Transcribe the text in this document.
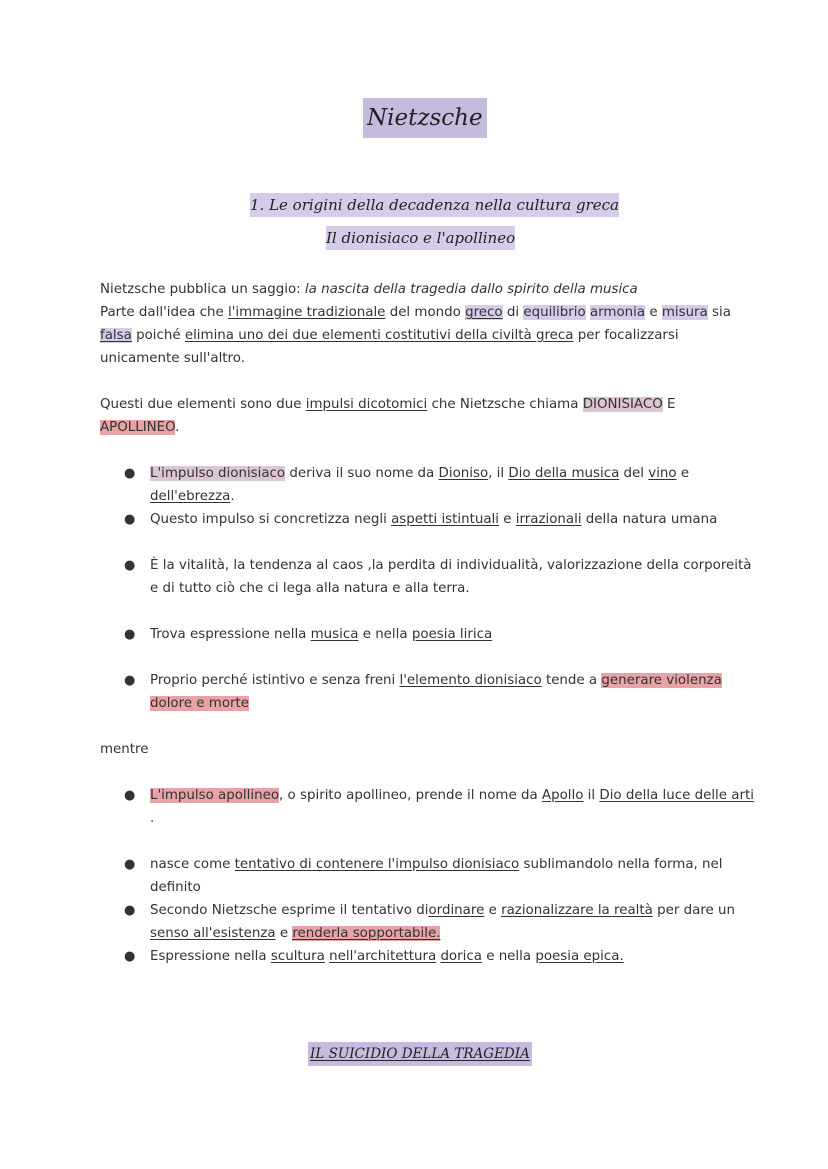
Nietzsche
1. Le origini della decadenza nella cultura greca
Il dionisiaco e l'apollineo
Nietzsche pubblica un saggio: la nascita della tragedia dallo spirito della musica
Parte dall'idea che l'immagine tradizionale del mondo greco di equilibrio armonia e misura sia
falsa poiché elimina uno dei due elementi costitutivi della civiltà greca per focalizzarsi
unicamente sull'altro.
Questi due elementi sono due impulsi dicotomici che Nietzsche chiama DIONISIACO E
APOLLINEO.
●	L'impulso dionisiaco deriva il suo nome da Dioniso, il Dio della musica del vino e
dell'ebrezza.
●	Questo impulso si concretizza negli aspetti istintuali e irrazionali della natura umana
●	È la vitalità, la tendenza al caos ,la perdita di individualità, valorizzazione della corporeità
e di tutto ciò che ci lega alla natura e alla terra.
●	Trova espressione nella musica e nella poesia lirica
●	Proprio perché istintivo e senza freni l'elemento dionisiaco tende a generare violenza
dolore e morte
mentre
●	L'impulso apollineo, o spirito apollineo, prende il nome da Apollo il Dio della luce delle arti
.
●	nasce come tentativo di contenere l'impulso dionisiaco sublimandolo nella forma, nel
definito
●	Secondo Nietzsche esprime il tentativo diordinare e razionalizzare la realtà per dare un
senso all'esistenza e renderla sopportabile.
●	Espressione nella scultura nell'architettura dorica e nella poesia epica.
IL SUICIDIO DELLA TRAGEDIA
